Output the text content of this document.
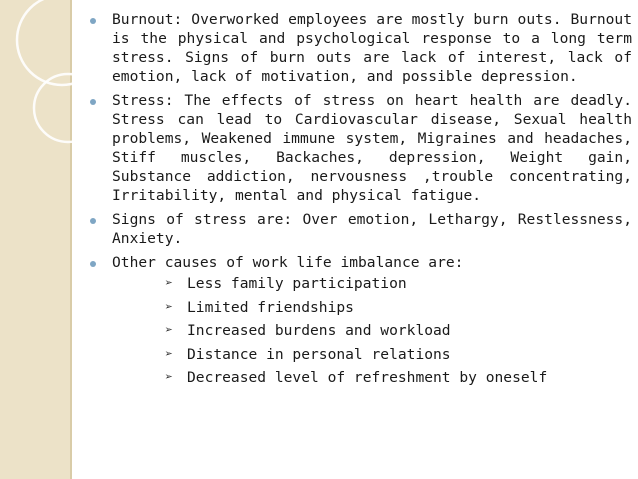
Burnout: Overworked employees are mostly burn outs. Burnout is the physical and psychological response to a long term stress. Signs of burn outs are lack of interest, lack of emotion, lack of motivation, and possible depression.
Stress: The effects of stress on heart health are deadly. Stress can lead to Cardiovascular disease, Sexual health problems, Weakened immune system, Migraines and headaches, Stiff muscles, Backaches, depression, Weight gain, Substance addiction, nervousness ,trouble concentrating, Irritability, mental and physical fatigue.
Signs of stress are: Over emotion, Lethargy, Restlessness, Anxiety.
Other causes of work life imbalance are:
➢ Less family participation
➢ Limited friendships
➢ Increased burdens and workload
➢ Distance in personal relations
➢ Decreased level of refreshment by oneself
